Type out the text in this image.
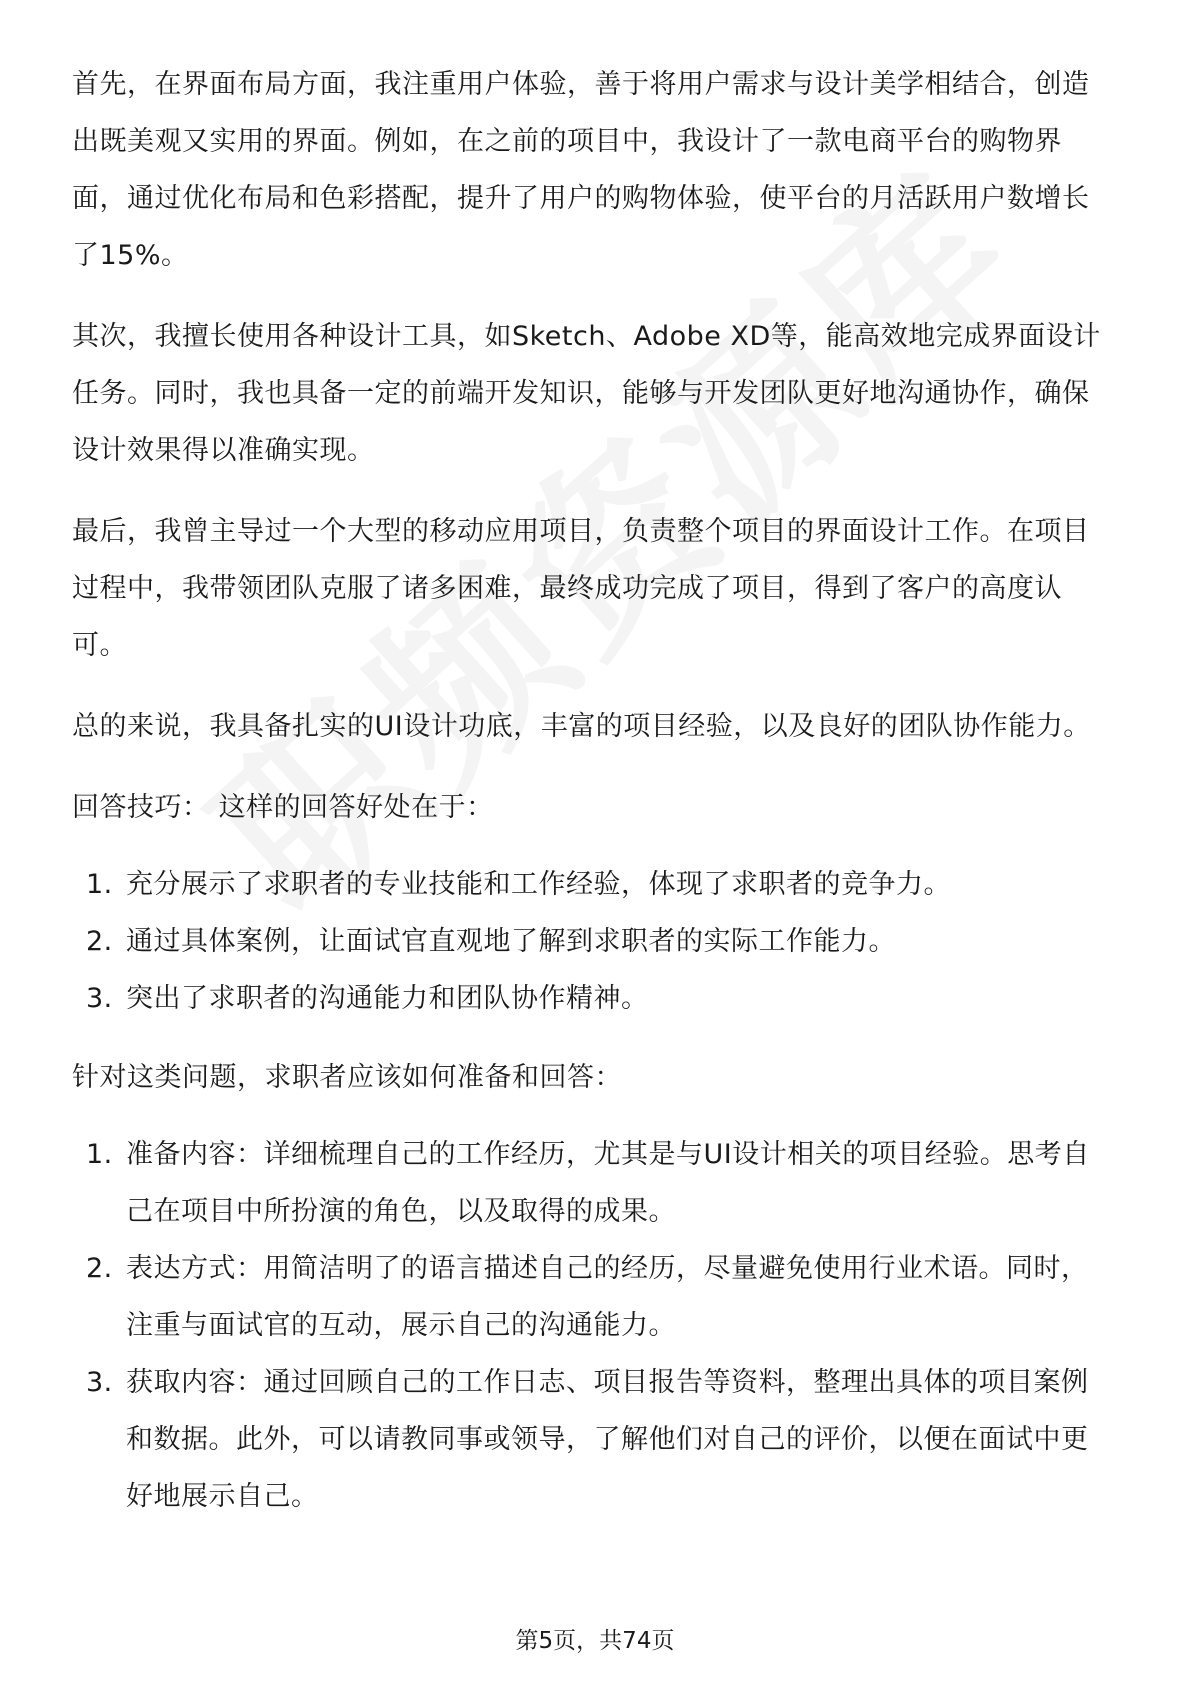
首先，在界面布局方面，我注重用户体验，善于将用户需求与设计美学相结合，创造出既美观又实用的界面。例如，在之前的项目中，我设计了一款电商平台的购物界面，通过优化布局和色彩搭配，提升了用户的购物体验，使平台的月活跃用户数增长了15%。

其次，我擅长使用各种设计工具，如Sketch、Adobe XD等，能高效地完成界面设计任务。同时，我也具备一定的前端开发知识，能够与开发团队更好地沟通协作，确保设计效果得以准确实现。

最后，我曾主导过一个大型的移动应用项目，负责整个项目的界面设计工作。在项目过程中，我带领团队克服了诸多困难，最终成功完成了项目，得到了客户的高度认可。

总的来说，我具备扎实的UI设计功底，丰富的项目经验，以及良好的团队协作能力。

回答技巧： 这样的回答好处在于：

1. 充分展示了求职者的专业技能和工作经验，体现了求职者的竞争力。
2. 通过具体案例，让面试官直观地了解到求职者的实际工作能力。
3. 突出了求职者的沟通能力和团队协作精神。

针对这类问题，求职者应该如何准备和回答：

1. 准备内容：详细梳理自己的工作经历，尤其是与UI设计相关的项目经验。思考自己在项目中所扮演的角色，以及取得的成果。
2. 表达方式：用简洁明了的语言描述自己的经历，尽量避免使用行业术语。同时，注重与面试官的互动，展示自己的沟通能力。
3. 获取内容：通过回顾自己的工作日志、项目报告等资料，整理出具体的项目案例和数据。此外，可以请教同事或领导，了解他们对自己的评价，以便在面试中更好地展示自己。
第5页，共74页
